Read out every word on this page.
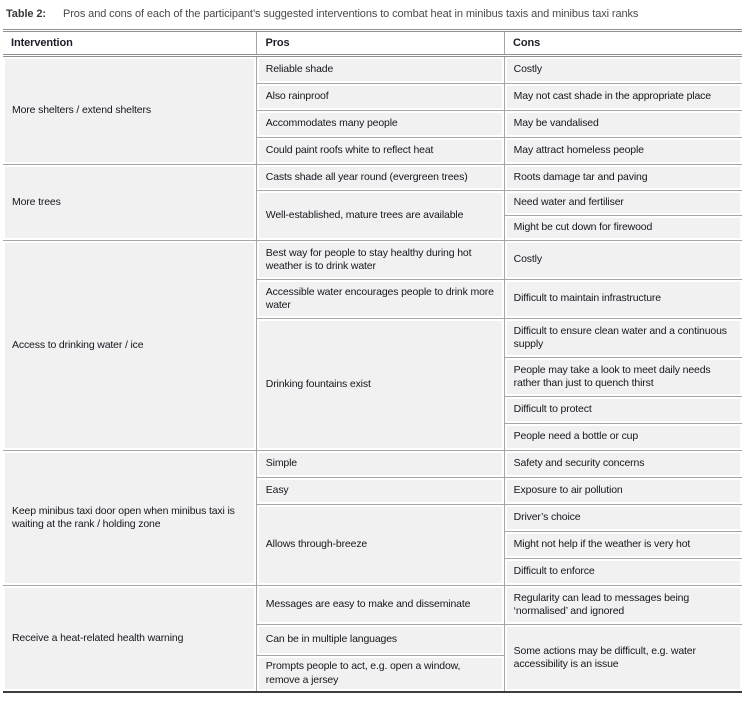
Table 2:	Pros and cons of each of the participant’s suggested interventions to combat heat in minibus taxis and minibus taxi ranks
Intervention	Pros	Cons
More shelters / extend shelters	Reliable shade	Costly
	Also rainproof	May not cast shade in the appropriate place
	Accommodates many people	May be vandalised
	Could paint roofs white to reflect heat	May attract homeless people
More trees	Casts shade all year round (evergreen trees)	Roots damage tar and paving
	Well-established, mature trees are available	Need water and fertiliser
		Might be cut down for firewood
Access to drinking water / ice	Best way for people to stay healthy during hot weather is to drink water	Costly
	Accessible water encourages people to drink more water	Difficult to maintain infrastructure
	Drinking fountains exist	Difficult to ensure clean water and a continuous supply
		People may take a look to meet daily needs rather than just to quench thirst
		Difficult to protect
		People need a bottle or cup
Keep minibus taxi door open when minibus taxi is waiting at the rank / holding zone	Simple	Safety and security concerns
	Easy	Exposure to air pollution
	Allows through-breeze	Driver’s choice
		Might not help if the weather is very hot
		Difficult to enforce
Receive a heat-related health warning	Messages are easy to make and disseminate	Regularity can lead to messages being ‘normalised’ and ignored
	Can be in multiple languages	Some actions may be difficult, e.g. water accessibility is an issue
	Prompts people to act, e.g. open a window, remove a jersey	
